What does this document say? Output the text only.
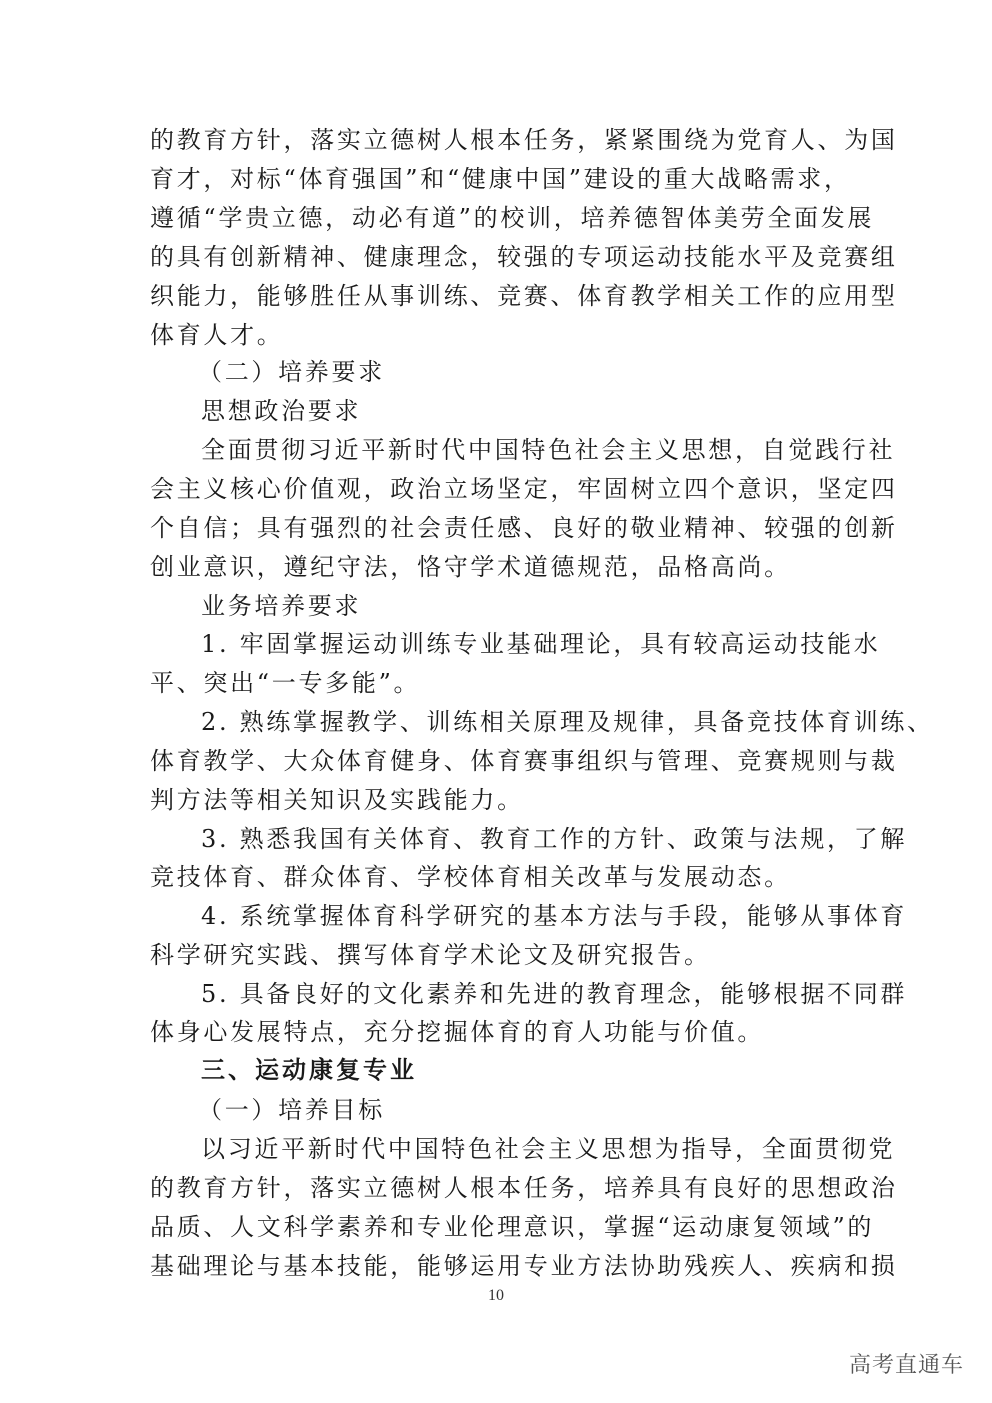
的教育方针，落实立德树人根本任务，紧紧围绕为党育人、为国
育才，对标“体育强国”和“健康中国”建设的重大战略需求，
遵循“学贵立德，动必有道”的校训，培养德智体美劳全面发展
的具有创新精神、健康理念，较强的专项运动技能水平及竞赛组
织能力，能够胜任从事训练、竞赛、体育教学相关工作的应用型
体育人才。
（二）培养要求
思想政治要求
全面贯彻习近平新时代中国特色社会主义思想，自觉践行社
会主义核心价值观，政治立场坚定，牢固树立四个意识，坚定四
个自信；具有强烈的社会责任感、良好的敬业精神、较强的创新
创业意识，遵纪守法，恪守学术道德规范，品格高尚。
业务培养要求
1. 牢固掌握运动训练专业基础理论，具有较高运动技能水
平、突出“一专多能”。
2. 熟练掌握教学、训练相关原理及规律，具备竞技体育训练、
体育教学、大众体育健身、体育赛事组织与管理、竞赛规则与裁
判方法等相关知识及实践能力。
3. 熟悉我国有关体育、教育工作的方针、政策与法规，了解
竞技体育、群众体育、学校体育相关改革与发展动态。
4. 系统掌握体育科学研究的基本方法与手段，能够从事体育
科学研究实践、撰写体育学术论文及研究报告。
5. 具备良好的文化素养和先进的教育理念，能够根据不同群
体身心发展特点，充分挖掘体育的育人功能与价值。
三、运动康复专业
（一）培养目标
以习近平新时代中国特色社会主义思想为指导，全面贯彻党
的教育方针，落实立德树人根本任务，培养具有良好的思想政治
品质、人文科学素养和专业伦理意识，掌握“运动康复领域”的
基础理论与基本技能，能够运用专业方法协助残疾人、疾病和损
10
高考直通车
